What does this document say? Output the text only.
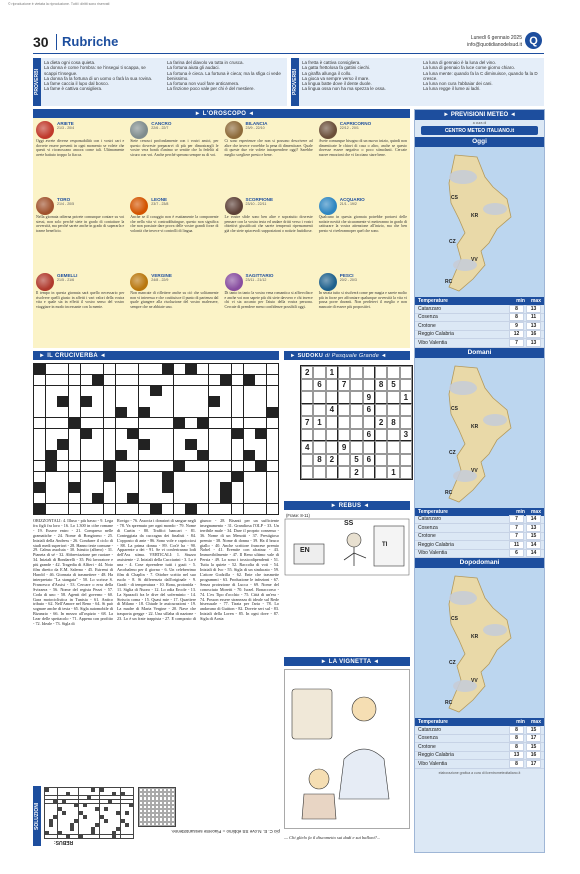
© riproduzione è vietata la riproduzione. Tutti i diritti sono riservati
30 Rubriche	Lunedì 6 gennaio 2025
info@quotidianodelsud.it Q
PROVERBI
La dieta ogni cosa quieta.
La donna è come l'ombra: se l'insegui ti scappa, se scappi t'insegue.
La donna fa la fortuna di un uomo o farà la sua rovina.
La fame caccia il lupo dal bosco.
La fame è cattiva consigliera.
La farina del diavolo va tutta in crusca.
La fortuna aiuta gli audaci.
La fortuna è cieca. La fortuna è cieca; ma la sfiga ci vede benissimo.
La fortuna non vuol fare anticamera.
La finzione poco vale per chi è del mestiere.	PROVERBI
La fretta è cattiva consigliera.
La gatta frettolosa fa gattini ciechi.
La giraffa allunga il collo.
La gioca va sempre verso il mare.
La lingua batte dove il dente duole.
La lingua ossa non ha ma spezza le ossa.
La luna di gennaio è la luna del vino.
La luna di gennaio fa luce come giorno chiaro.
La luna mente: quando fa la C diminuisce, quando fa la D cresce.
La luna non cura l'abbaiar dei cani.
La luna regge il lume ai ladri.
► L'OROSCOPO ◄
ARIETE
21/3 - 20/4
Oggi avrete diverse responsabilità con i vostri cari e dovrete essere presenti in ogni momento se volete che questi vi riconoscano ancora come tali. Ultimamente avete battuto troppo la fiacca.
CANCRO
22/6 - 22/7
Siete cenosci profondamente con i vostri amici, per questo dovreste prepararvi di più per dimostrargli le vostre vera bontà d'animo se sentite che la fedeltà al sicuro con voi. Anche perché sperano sempre su di voi.
BILANCIA
23/9 - 22/10
Ci sono esperienze che non si possono descrivere ad altre che invece vorrebbe la pena di dimenticare. Quale di queste due vie volete intraprendere oggi? Sarebbe meglio scegliere presto e bene.
CAPRICORNO
22/12 - 20/1
Avete comunque bisogno di un nuovo inizio, quindi non dimenticate le chiavi di casa o altro, anche se questo dovesse essere negativo o poco stimolanti. Cercate nuove emozioni che vi facciano stare bene.
TORO
21/4 - 20/5
Nella giornata odierna potrete comunque contare su voi stessi, non solo perché siete in grado di contattare la avversità, ma perché sarete anche in grado di superarla e trarne beneficio.
LEONE
23/7 - 23/8
Anche se il coraggio non è esattamente la componente che nella vita vi contraddistingue, questo non significa che non possiate dare prova delle vostre grandi forze di volontà che invece vi controlli di lingua.
SCORPIONE
23/10 - 22/11
Le vostre sfide sono ben altre e sopratutto dovreste pensare con la vostra testa ed andare dritti verso i vostri obiettivi giustificati che sarete temperati ripensamenti già che siete spiacevoli suppostzioni o notizie fastidiose.
ACQUARIO
21/1 - 19/2
Qualcuno in questa giornata potrebbe portarvi delle notizie novità che sicuramente vi metteranno in grado di cattturare la vostra attenzione all'inizio, ma che ben presto vi rivelerannoper quel che sono.
GEMELLI
21/5 - 21/6
Il tempo in questa giornata sarà quello necessario per risolvere quelli giusto in affetti i vari valori della vostra vita e quale sia in effetti il vostro senso del vostro viaggiare in modo incessante con la mente.
VERGINE
24/8 - 22/9
Non mancate di riflettere anche su ciò che solitamente non vi interessa e che costituisce il punto di partenza dal quale giungere alla risoluzione del vostro malessere, sempre che ne abbiate uno.
SAGITTARIO
23/11 - 21/12
Di tanto in tanto la vostra vena romantica si affievolisce e anche voi non sapete più chi siete davvero e chi invece chi vi sta accanto per l'aiuto della vostra persona. Cercate di prendere meno confidenze possibili oggi.
PESCI
20/2 - 20/3
In serata tutto si risolverà come per magia e sarete molto più in forze per affrontare qualunque avversità la vita vi possa porre davanti. Non perdetevi il meglio e non mancate di essere più propositivi.
► PREVISIONI METEO ◄
a cura di
CENTRO METEO ITALIANO.it
Oggi
CS
KR
CZ
VV
RC
Temperature	min max
Catanzaro	8	13
Cosenza	8	11
Crotone	9	13
Reggio Calabria	12	16
Vibo Valentia	7	13
Domani
CS
KR
CZ
VV
RC
Temperature	min max
Catanzaro	7	14
Cosenza	7	13
Crotone	7	15
Reggio Calabria	11	14
Vibo Valentia	6	14
Dopodomani
CS
KR
CZ
VV
RC
Temperature	min max
Catanzaro	8	15
Cosenza	8	17
Crotone	8	15
Reggio Calabria	13	16
Vibo Valentia	8	17
elaborazione grafica a cura di ilcentrometeoitaliano.it
► IL CRUCIVERBA ◄
ORIZZONTALI: 4. Illuso - più basso - 9. Lega fra figli fra loro - 16. Lo 1.300 in cifre romane - 19. Essere entro - 21. Compreso nelle gramatiche - 24. Nome di Bongiorno - 25. Iniziali della Andress - 26. Condurre il ciclo di studi medi superiori - 28. Hanno teste comune - 29. Calma assoluta - 30. Istruito (albero) - 31. Pianeta di sé - 32. Abbreviazione per ruotare - 34. Iniziali di Bondarelli - 35. Più lavoratore e più grande - 42. Tragedia di Alfieri - 44. Noto film diretto da E.M. Salerno - 45. Estremi di Harold - 46. Giornata di trasmettere - 48. Ha interpretato "La stangata" - 50. Lo scrisse S. Francesco d'Assisi - 53. Cercare o erra della Svizzera - 56. Nome del regista Pezzi - 57. Coda di uno - 58. Agenti del governo - 60. Gara motociclistica in Tunisia - 61. Antico tributo - 62. Nell'Amore nel Reno - 64. Si può sognare anche di testa - 65. Sigla automobile di Bizanzio - 66. In mezzo all'ospizio - 68. La Lear delle spettacolo - 71. Appena con profitto - 72. Ideale - 73. Sigla di
Rovigo - 76. Associa i donatori di sangue negli - 78. Va spremuto per ogni mondo - 79. Nome di Curtin - 80. Traffici bancari - 81. Conteggiata da cuccagna dei finalisti - 84. L'opposto di ante - 86. Sono vole e capricciosi - 88. La prima donna - 89. Cos'è ha - 90. Apparente a dei - 91. Se vi conferiranno lodi dell'Ass stima. VERTICALI: 1. Stuzzo assistente - 2. Iniziali della Cucciarini - 3. Lo è una - 4. Cose riprendere tutti i gusti - 5. Arcobaleno per il giorno - 6. Un celeberrimo film di Chaplin - 7. Ottobre scritto nel suo ruolo - 8. Si differenzia dall'originale - 9. Gradi - di temperatura - 10. Rona, protonida - 11. Siglia di Nuoro - 12. Lo odia Ercole - 13. La Spazzoli fra le dive del soferminio - 14. Striscia coma - 15. Quasi mie - 17. Quartiere di Milano - 18. Chiude le assicurazioni - 19. La madre di Maria Vergine - 20. Nave che trasporta gregge - 22. Una sillaba di nazione - 23. Lo è un frate trappista - 27. E composto di giunco - 28. Bisanti per un sufficiente insegnamento - 31. Grandiosa l'OLP - 33. Un terribile male - 34. Dare il proprio consenso - 36. Nome di un Menotti - 37. Prestigioso premio - 38. Nome di donna - 39. Ha il bruco giallo - 40. Anche scrittore francese premio Nobel - 41. Eremite con alcatraz - 43. Immovibilmente - 47. Il Reno ultimo vale di Persia - 49. Lo sono i tossicodipendenti - 51. Tutta la quiete - 52. Raccolta di voti - 54. Iniziali di Ivo - 55. Sigla di un sindacato - 59. L'attore Godzilla - 62. Ente che trasmette programmi - 63. Produzione le infezioni - 67. Senza protezione di Lucca - 69. Nome del conosciuto Moretti - 70. Israel. Bonaccorso - 74. L'ex Tipo d'occhio - 75. Città di un'era - 74. Posson essere stranezza di ideale sul Rede bisessuale - 77. Tirata per l'aria - 78. Lo andavano di Guitton - 82. Dovete seri sul - 83. Iniziali della Loren - 85. In ogni dove - 87. Sigla di Aosta
► SUDOKU
di Pasquale Grande ◄
2	1
6	7	8 5
9	1
4	6
7 1	2 8
6	3
4	9
8 2	5 6
2	1
► REBUS ◄
(Frase: 8-11)
SS
EN
TI
► LA VIGNETTA ◄
— Chi glielo fa il discometto sui dadi e sui balloni?...
SOLUZIONI
REBUS:
pio C. E. N.ove SS ebbimo = Piacente sessantottenne.
